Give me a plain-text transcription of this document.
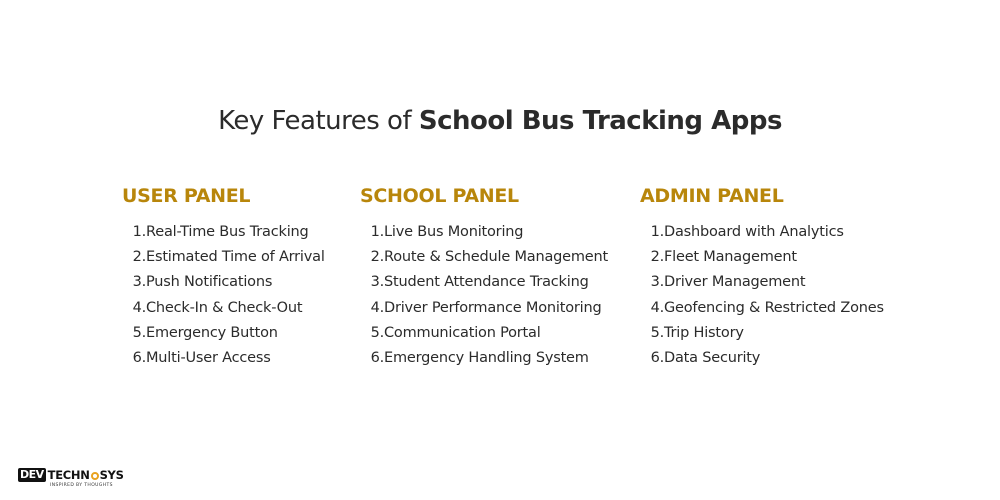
Key Features of School Bus Tracking Apps
USER PANEL
1. Real-Time Bus Tracking
2. Estimated Time of Arrival
3. Push Notifications
4. Check-In & Check-Out
5. Emergency Button
6. Multi-User Access
SCHOOL PANEL
1. Live Bus Monitoring
2. Route & Schedule Management
3. Student Attendance Tracking
4. Driver Performance Monitoring
5. Communication Portal
6. Emergency Handling System
ADMIN PANEL
1. Dashboard with Analytics
2. Fleet Management
3. Driver Management
4. Geofencing & Restricted Zones
5. Trip History
6. Data Security
DEV TECHN SYS
INSPIRED BY THOUGHTS
